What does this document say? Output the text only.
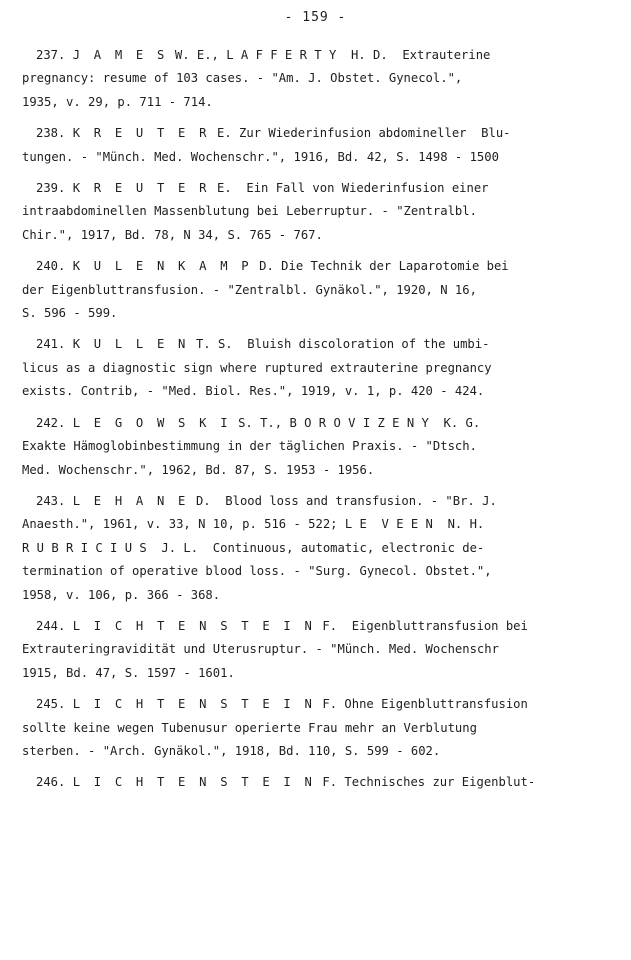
- 159 -
237. J A M E S W. E., L A F F E R T Y  H. D.  Extrauterine
pregnancy: resume of 103 cases. - "Am. J. Obstet. Gynecol.",
1935, v. 29, p. 711 - 714.
238. K R E U T E R E. Zur Wiederinfusion abdomineller  Blu-
tungen. - "Münch. Med. Wochenschr.", 1916, Bd. 42, S. 1498 - 1500
239. K R E U T E R E.  Ein Fall von Wiederinfusion einer
intraabdominellen Massenblutung bei Leberruptur. - "Zentralbl.
Chir.", 1917, Bd. 78, N 34, S. 765 - 767.
240. K U L E N K A M P D. Die Technik der Laparotomie bei
der Eigenbluttransfusion. - "Zentralbl. Gynäkol.", 1920, N 16,
S. 596 - 599.
241. K U L L E N T. S.  Bluish discoloration of the umbi-
licus as a diagnostic sign where ruptured extrauterine pregnancy
exists. Contrib, - "Med. Biol. Res.", 1919, v. 1, p. 420 - 424.
242. L E G O W S K I S. T., B O R O V I Z E N Y  K. G.
Exakte Hämoglobinbestimmung in der täglichen Praxis. - "Dtsch.
Med. Wochenschr.", 1962, Bd. 87, S. 1953 - 1956.
243. L E H A N E D.  Blood loss and transfusion. - "Br. J.
Anaesth.", 1961, v. 33, N 10, p. 516 - 522; L E  V E E N  N. H.
R U B R I C I U S  J. L.  Continuous, automatic, electronic de-
termination of operative blood loss. - "Surg. Gynecol. Obstet.",
1958, v. 106, p. 366 - 368.
244. L I C H T E N S T E I N F.  Eigenbluttransfusion bei
Extrauteringravidität und Uterusruptur. - "Münch. Med. Wochenschr
1915, Bd. 47, S. 1597 - 1601.
245. L I C H T E N S T E I N F. Ohne Eigenbluttransfusion
sollte keine wegen Tubenusur operierte Frau mehr an Verblutung
sterben. - "Arch. Gynäkol.", 1918, Bd. 110, S. 599 - 602.
246. L I C H T E N S T E I N F. Technisches zur Eigenblut-
